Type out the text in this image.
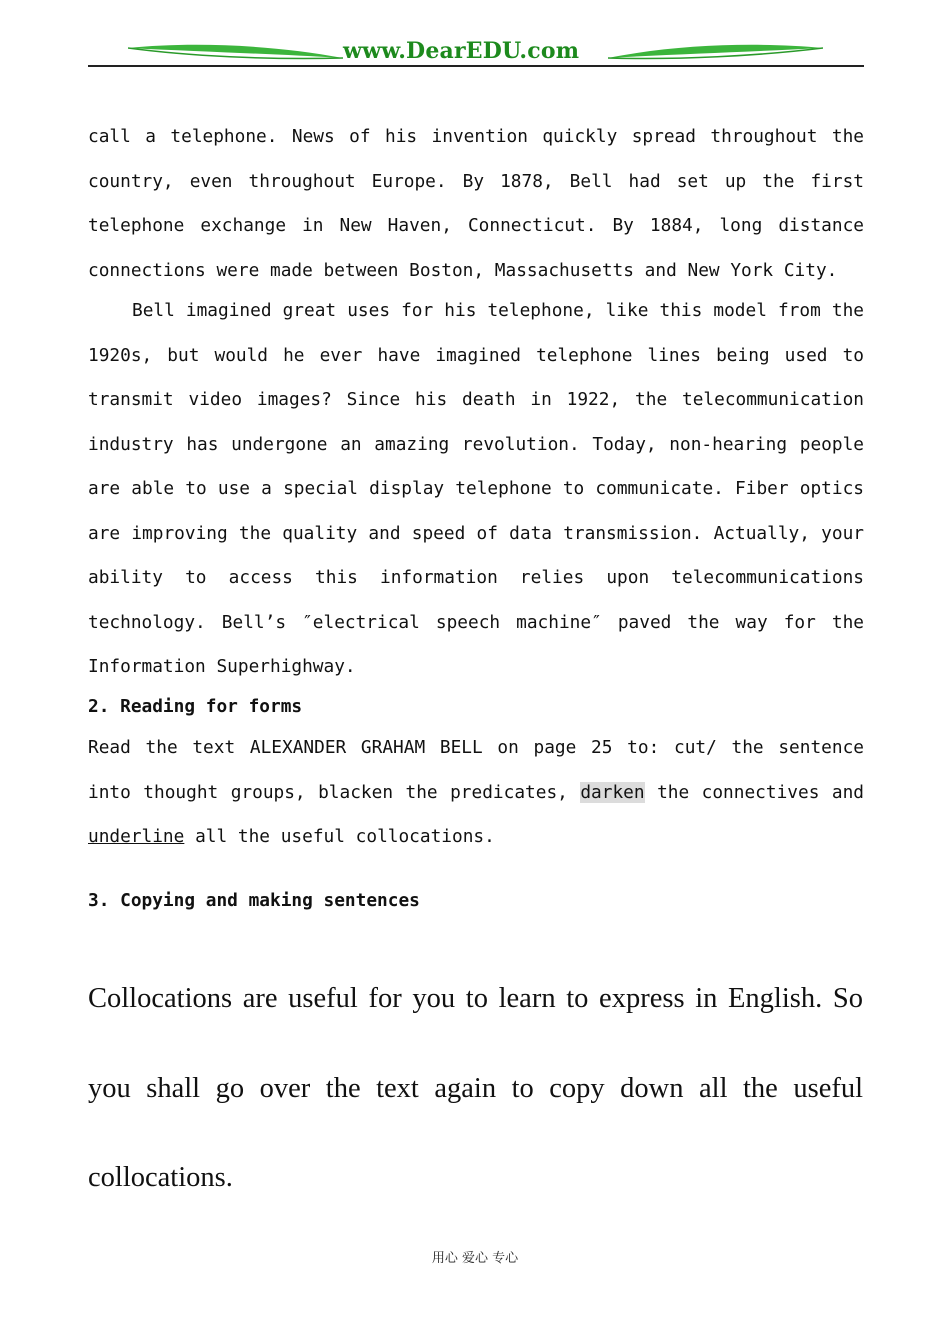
www.DearEDU.com

call a telephone. News of his invention quickly spread throughout the country, even throughout Europe. By 1878, Bell had set up the first telephone exchange in New Haven, Connecticut. By 1884, long distance connections were made between Boston, Massachusetts and New York City.

Bell imagined great uses for his telephone, like this model from the 1920s, but would he ever have imagined telephone lines being used to transmit video images? Since his death in 1922, the telecommunication industry has undergone an amazing revolution. Today, non-hearing people are able to use a special display telephone to communicate. Fiber optics are improving the quality and speed of data transmission. Actually, your ability to access this information relies upon telecommunications technology. Bell’s ″electrical speech machine″ paved the way for the Information Superhighway.

2. Reading for forms

Read the text ALEXANDER GRAHAM BELL on page 25 to: cut/ the sentence into thought groups, blacken the predicates, darken the connectives and underline all the useful collocations.

3. Copying and making sentences

Collocations are useful for you to learn to express in English. So you shall go over the text again to copy down all the useful collocations.

用心 爱心 专心
